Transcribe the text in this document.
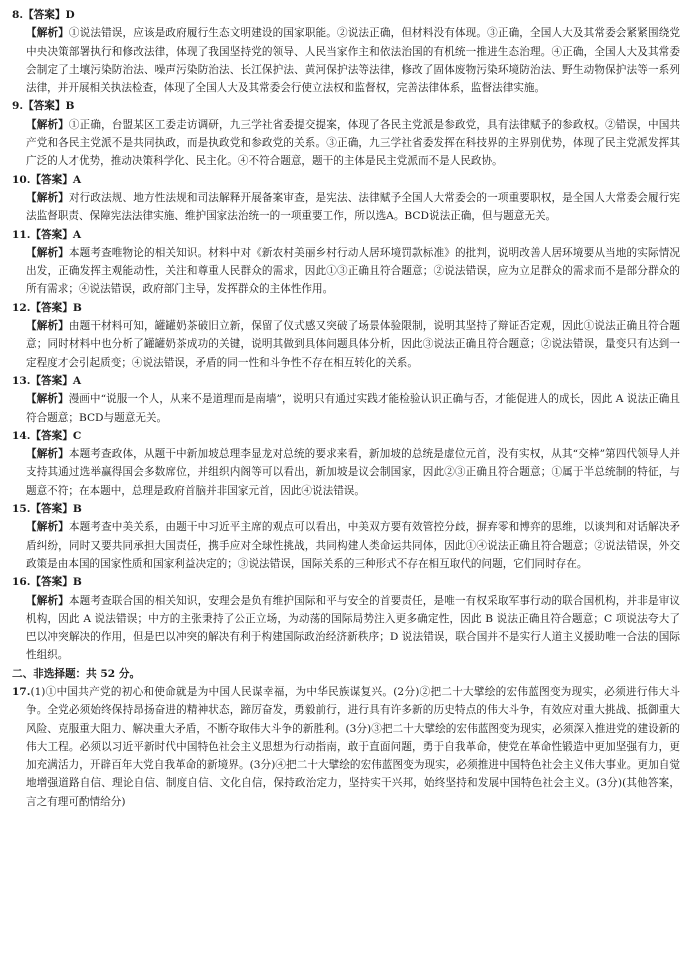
8.【答案】D
【解析】①说法错误，应该是政府履行生态文明建设的国家职能。②说法正确，但材料没有体现。③正确，全国人大及其常委会紧紧围绕党中央决策部署执行和修改法律，体现了我国坚持党的领导、人民当家作主和依法治国的有机统一推进生态治理。④正确，全国人大及其常委会制定了土壤污染防治法、噪声污染防治法、长江保护法、黄河保护法等法律，修改了固体废物污染环境防治法、野生动物保护法等一系列法律，并开展相关执法检查，体现了全国人大及其常委会行使立法权和监督权，完善法律体系，监督法律实施。
9.【答案】B
【解析】①正确，台盟某区工委走访调研，九三学社省委提交提案，体现了各民主党派是参政党，具有法律赋予的参政权。②错误，中国共产党和各民主党派不是共同执政，而是执政党和参政党的关系。③正确，九三学社省委发挥在科技界的主界别优势，体现了民主党派发挥其广泛的人才优势，推动决策科学化、民主化。④不符合题意，题干的主体是民主党派而不是人民政协。
10.【答案】A
【解析】对行政法规、地方性法规和司法解释开展备案审查，是宪法、法律赋予全国人大常委会的一项重要职权，是全国人大常委会履行宪法监督职责、保障宪法法律实施、维护国家法治统一的一项重要工作，所以选A。BCD说法正确，但与题意无关。
11.【答案】A
【解析】本题考查唯物论的相关知识。材料中对《新农村美丽乡村行动人居环境罚款标准》的批判，说明改善人居环境要从当地的实际情况出发，正确发挥主观能动性，关注和尊重人民群众的需求，因此①③正确且符合题意；②说法错误，应为立足群众的需求而不是部分群众的所有需求；④说法错误，政府部门主导，发挥群众的主体性作用。
12.【答案】B
【解析】由题干材料可知，罐罐奶茶破旧立新，保留了仪式感又突破了场景体验限制，说明其坚持了辩证否定观，因此①说法正确且符合题意；同时材料中也分析了罐罐奶茶成功的关键，说明其做到具体问题具体分析，因此③说法正确且符合题意；②说法错误，量变只有达到一定程度才会引起质变；④说法错误，矛盾的同一性和斗争性不存在相互转化的关系。
13.【答案】A
【解析】漫画中“说服一个人，从来不是道理而是南墙”，说明只有通过实践才能检验认识正确与否，才能促进人的成长，因此 A 说法正确且符合题意；BCD与题意无关。
14.【答案】C
【解析】本题考查政体，从题干中新加坡总理李显龙对总统的要求来看，新加坡的总统是虚位元首，没有实权，从其“交棒”第四代领导人并支持其通过选举赢得国会多数席位，并组织内阁等可以看出，新加坡是议会制国家，因此②③正确且符合题意；①属于半总统制的特征，与题意不符；在本题中，总理是政府首脑并非国家元首，因此④说法错误。
15.【答案】B
【解析】本题考查中美关系，由题干中习近平主席的观点可以看出，中美双方要有效管控分歧，摒弃零和博弈的思维，以谈判和对话解决矛盾纠纷，同时又要共同承担大国责任，携手应对全球性挑战，共同构建人类命运共同体，因此①④说法正确且符合题意；②说法错误，外交政策是由本国的国家性质和国家利益决定的；③说法错误，国际关系的三种形式不存在相互取代的问题，它们同时存在。
16.【答案】B
【解析】本题考查联合国的相关知识，安理会是负有维护国际和平与安全的首要责任，是唯一有权采取军事行动的联合国机构，并非是审议机构，因此 A 说法错误；中方的主张秉持了公正立场，为动荡的国际局势注入更多确定性，因此 B 说法正确且符合题意；C 项说法夸大了巴以冲突解决的作用，但是巴以冲突的解决有利于构建国际政治经济新秩序；D 说法错误，联合国并不是实行人道主义援助唯一合法的国际性组织。
二、非选择题：共 52 分。
17.(1)①中国共产党的初心和使命就是为中国人民谋幸福，为中华民族谋复兴。(2分)②把二十大擘绘的宏伟蓝图变为现实，必须进行伟大斗争。全党必须始终保持昂扬奋进的精神状态，蹄厉奋发，勇毅前行，进行具有许多新的历史特点的伟大斗争，有效应对重大挑战、抵御重大风险、克服重大阻力、解决重大矛盾，不断夺取伟大斗争的新胜利。(3分)③把二十大擘绘的宏伟蓝图变为现实，必须深入推进党的建设新的伟大工程。必须以习近平新时代中国特色社会主义思想为行动指南，敢于直面问题，勇于自我革命，使党在革命性锻造中更加坚强有力，更加充满活力，开辟百年大党自我革命的新境界。(3分)④把二十大擘绘的宏伟蓝图变为现实，必须推进中国特色社会主义伟大事业。更加自觉地增强道路自信、理论自信、制度自信、文化自信，保持政治定力，坚持实干兴邦，始终坚持和发展中国特色社会主义。(3分)(其他答案，言之有理可酌情给分)
